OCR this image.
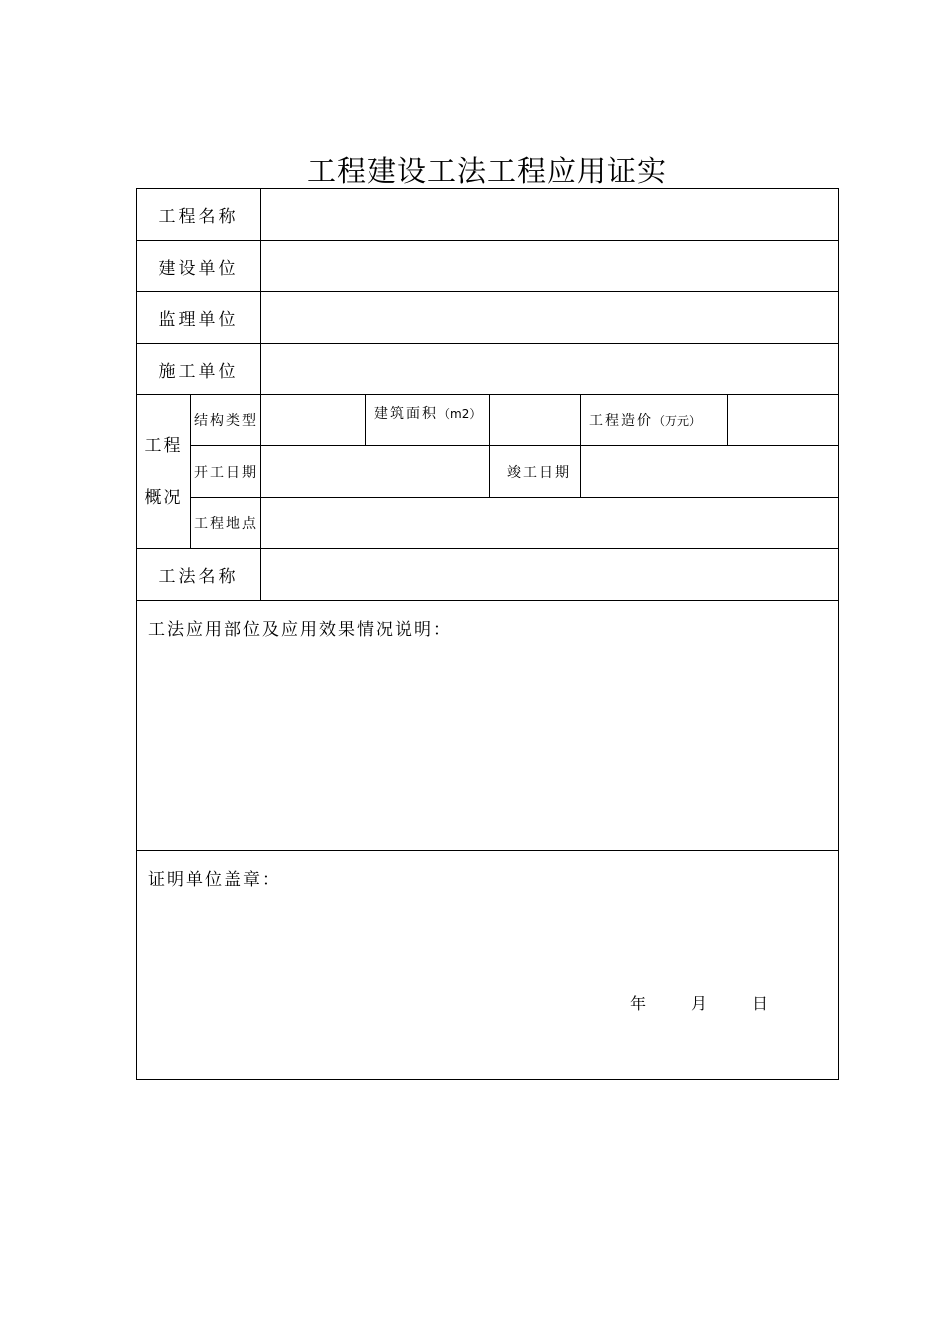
工程建设工法工程应用证实
工程名称						
建设单位						
监理单位						
施工单位						

工程
概况	结构类型		建筑面积（m2）		工程造价（万元）	
	开工日期			竣工日期		
	工程地点					
工法名称						

工法应用部位及应用效果情况说明：						

证明单位盖章：
年 月 日						
